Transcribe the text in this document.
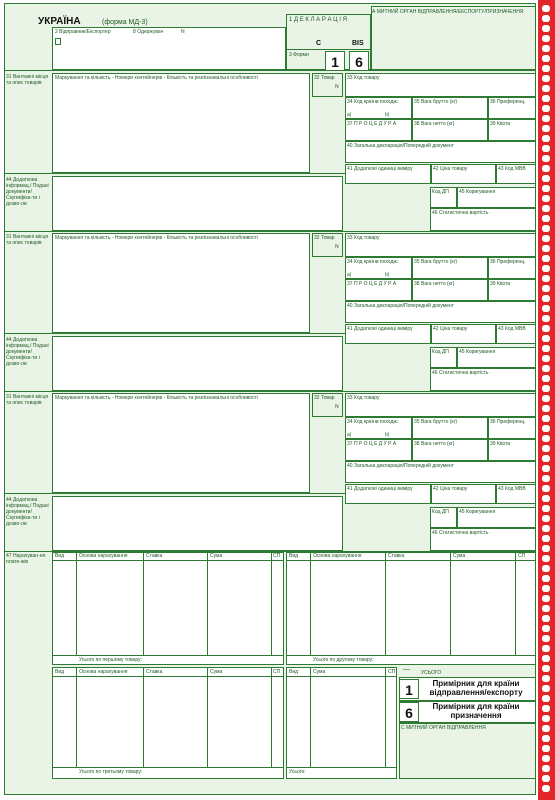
УКРАЇНА	(форма МД-3)
А МИТНИЙ ОРГАН ВІДПРАВЛЕННЯ/ЕКСПОРТУ/ПРИЗНАЧЕННЯ
2 Відправник/Експортер	8 Одержувач	N
1 Д Е К Л А Р А Ц І Я
C	BIS
3 Форми	1	6
31 Вантажні місця та опис товарів
Маркування та кількість - Номери контейнерів - Кількість та розпізнавальні особливості	32 Товар
N
33 Код товару
34 Код країни походж.
a|	b|
35 Вага брутто (кг)	36 Преференц.
37 П Р О Ц Е Д У Р А	38 Вага нетто (кг)	39 Квота
40 Загальна декларація/Попередній документ
41 Додаткові одиниці виміру	42 Ціна товару	43 Код МВВ
44 Додаткова інформац./ Подані документи/ Сертифіка-ти і дозво-ли
Код ДП 45 Коригування
46 Статистична вартість
31 Вантажні місця та опис товарів
Маркування та кількість - Номери контейнерів - Кількість та розпізнавальні особливості	32 Товар
N
33 Код товару
34 Код країни походж.
a|	b|
35 Вага брутто (кг)	36 Преференц.
37 П Р О Ц Е Д У Р А	38 Вага нетто (кг)	39 Квота
40 Загальна декларація/Попередній документ
41 Додаткові одиниці виміру	42 Ціна товару	43 Код МВВ
44 Додаткова інформац./ Подані документи/ Сертифіка-ти і дозво-ли
Код ДП 45 Коригування
46 Статистична вартість
31 Вантажні місця та опис товарів
Маркування та кількість - Номери контейнерів - Кількість та розпізнавальні особливості	32 Товар
N
33 Код товару
34 Код країни походж.
a|	b|
35 Вага брутто (кг)	36 Преференц.
37 П Р О Ц Е Д У Р А	38 Вага нетто (кг)	39 Квота
40 Загальна декларація/Попередній документ
41 Додаткові одиниці виміру	42 Ціна товару	43 Код МВВ
44 Додаткова інформац./ Подані документи/ Сертифіка-ти і дозво-ли
Код ДП 45 Коригування
46 Статистична вартість
47 Нарахуван-ня плате-жів
Вид	Основа нарахування	Ставка	Сума	СП
Усього по першому товару:
Вид	Основа нарахування	Ставка	Сума	СП
Усього по другому товару:
Вид	Основа нарахування	Ставка	Сума	СП
Усього по третьому товару:
Вид	Сума	СП
Усього:
— УСЬОГО
1	Примірник для країни відправлення/експорту
6	Примірник для країни призначення
С МИТНИЙ ОРГАН ВІДПРАВЛЕННЯ
